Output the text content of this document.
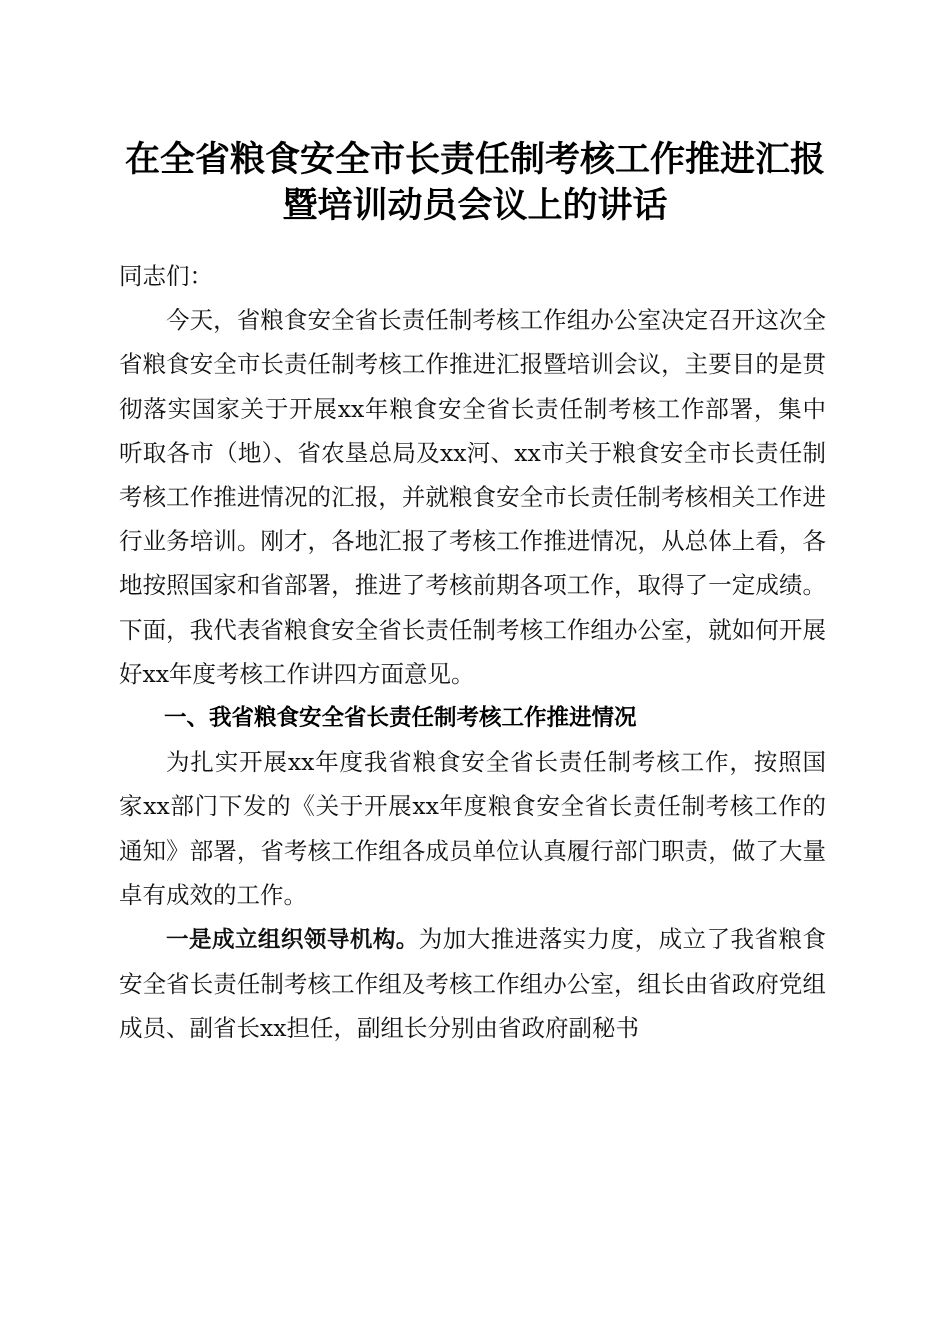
在全省粮食安全市长责任制考核工作推进汇报
暨培训动员会议上的讲话

同志们：

今天，省粮食安全省长责任制考核工作组办公室决定召开这次全省粮食安全市长责任制考核工作推进汇报暨培训会议，主要目的是贯彻落实国家关于开展xx年粮食安全省长责任制考核工作部署，集中听取各市（地）、省农垦总局及xx河、xx市关于粮食安全市长责任制考核工作推进情况的汇报，并就粮食安全市长责任制考核相关工作进行业务培训。刚才，各地汇报了考核工作推进情况，从总体上看，各地按照国家和省部署，推进了考核前期各项工作，取得了一定成绩。下面，我代表省粮食安全省长责任制考核工作组办公室，就如何开展好xx年度考核工作讲四方面意见。

一、我省粮食安全省长责任制考核工作推进情况

为扎实开展xx年度我省粮食安全省长责任制考核工作，按照国家xx部门下发的《关于开展xx年度粮食安全省长责任制考核工作的通知》部署，省考核工作组各成员单位认真履行部门职责，做了大量卓有成效的工作。

一是成立组织领导机构。为加大推进落实力度，成立了我省粮食安全省长责任制考核工作组及考核工作组办公室，组长由省政府党组成员、副省长xx担任，副组长分别由省政府副秘书
